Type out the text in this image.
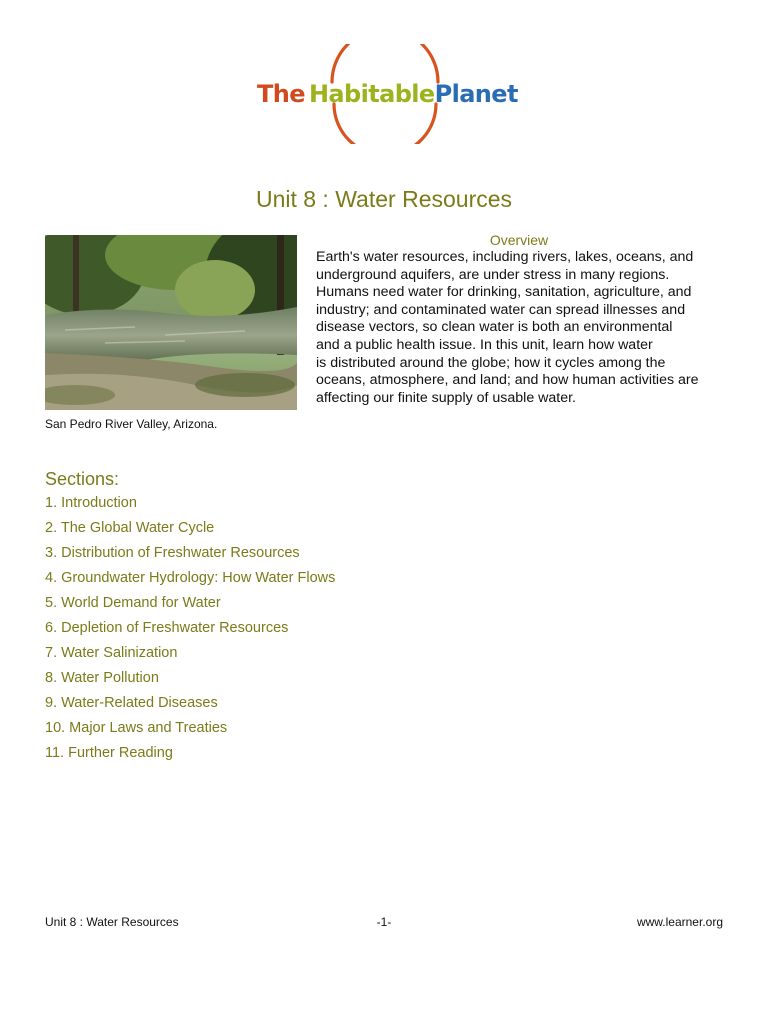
The HabitablePlanet
Unit 8 : Water Resources
San Pedro River Valley, Arizona.
Overview
Earth's water resources, including rivers, lakes, oceans, and
underground aquifers, are under stress in many regions.
Humans need water for drinking, sanitation, agriculture, and
industry; and contaminated water can spread illnesses and
disease vectors, so clean water is both an environmental
and a public health issue. In this unit, learn how water
is distributed around the globe; how it cycles among the
oceans, atmosphere, and land; and how human activities are
affecting our finite supply of usable water.
Sections:
1. Introduction
2. The Global Water Cycle
3. Distribution of Freshwater Resources
4. Groundwater Hydrology: How Water Flows
5. World Demand for Water
6. Depletion of Freshwater Resources
7. Water Salinization
8. Water Pollution
9. Water-Related Diseases
10. Major Laws and Treaties
11. Further Reading
Unit 8 : Water Resources	-1-	www.learner.org
